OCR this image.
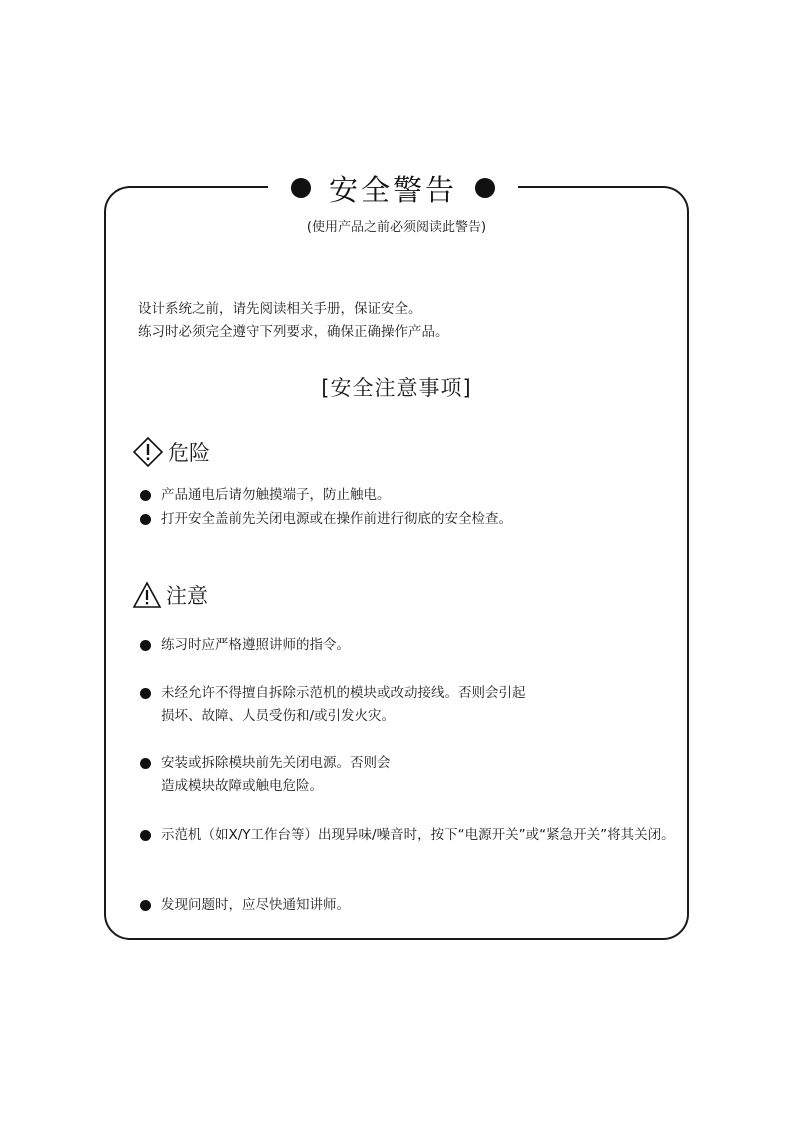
安全警告
(使用产品之前必须阅读此警告)
设计系统之前，请先阅读相关手册，保证安全。
练习时必须完全遵守下列要求，确保正确操作产品。
[安全注意事项]
危险
产品通电后请勿触摸端子，防止触电。
打开安全盖前先关闭电源或在操作前进行彻底的安全检查。
注意
练习时应严格遵照讲师的指令。
未经允许不得擅自拆除示范机的模块或改动接线。否则会引起损坏、故障、人员受伤和/或引发火灾。
安装或拆除模块前先关闭电源。否则会造成模块故障或触电危险。
示范机（如X/Y工作台等）出现异味/噪音时，按下“电源开关”或“紧急开关”将其关闭。
发现问题时，应尽快通知讲师。
